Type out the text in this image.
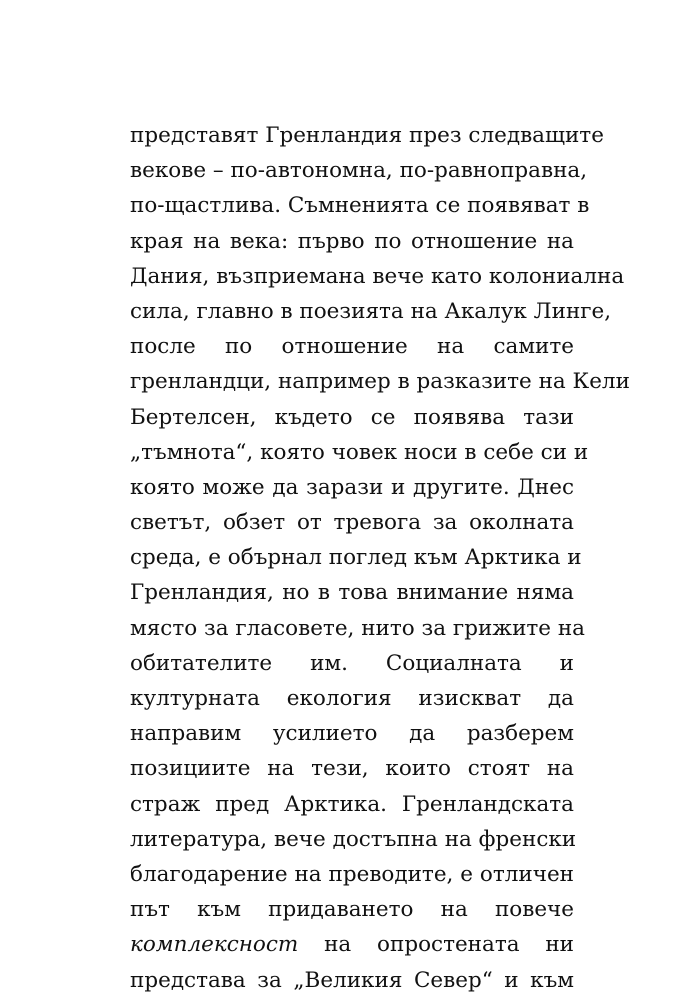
представят Гренландия през следващите
векове – по-автономна, по-равноправна,
по-щастлива. Съмненията се появяват в
края на века: първо по отношение на
Дания, възприемана вече като колониална
сила, главно в поезията на Акалук Линге,
после по отношение на самите
гренландци, например в разказите на Кели
Бертелсен, където се появява тази
„тъмнота“, която човек носи в себе си и
която може да зарази и другите. Днес
светът, обзет от тревога за околната
среда, е обърнал поглед към Арктика и
Гренландия, но в това внимание няма
място за гласовете, нито за грижите на
обитателите им. Социалната и
културната екология изискват да
направим усилието да разберем
позициите на тези, които стоят на
страж пред Арктика. Гренландската
литература, вече достъпна на френски
благодарение на преводите, е отличен
път към придаването на повече
комплексност на опростената ни
представа за „Великия Север“ и към
